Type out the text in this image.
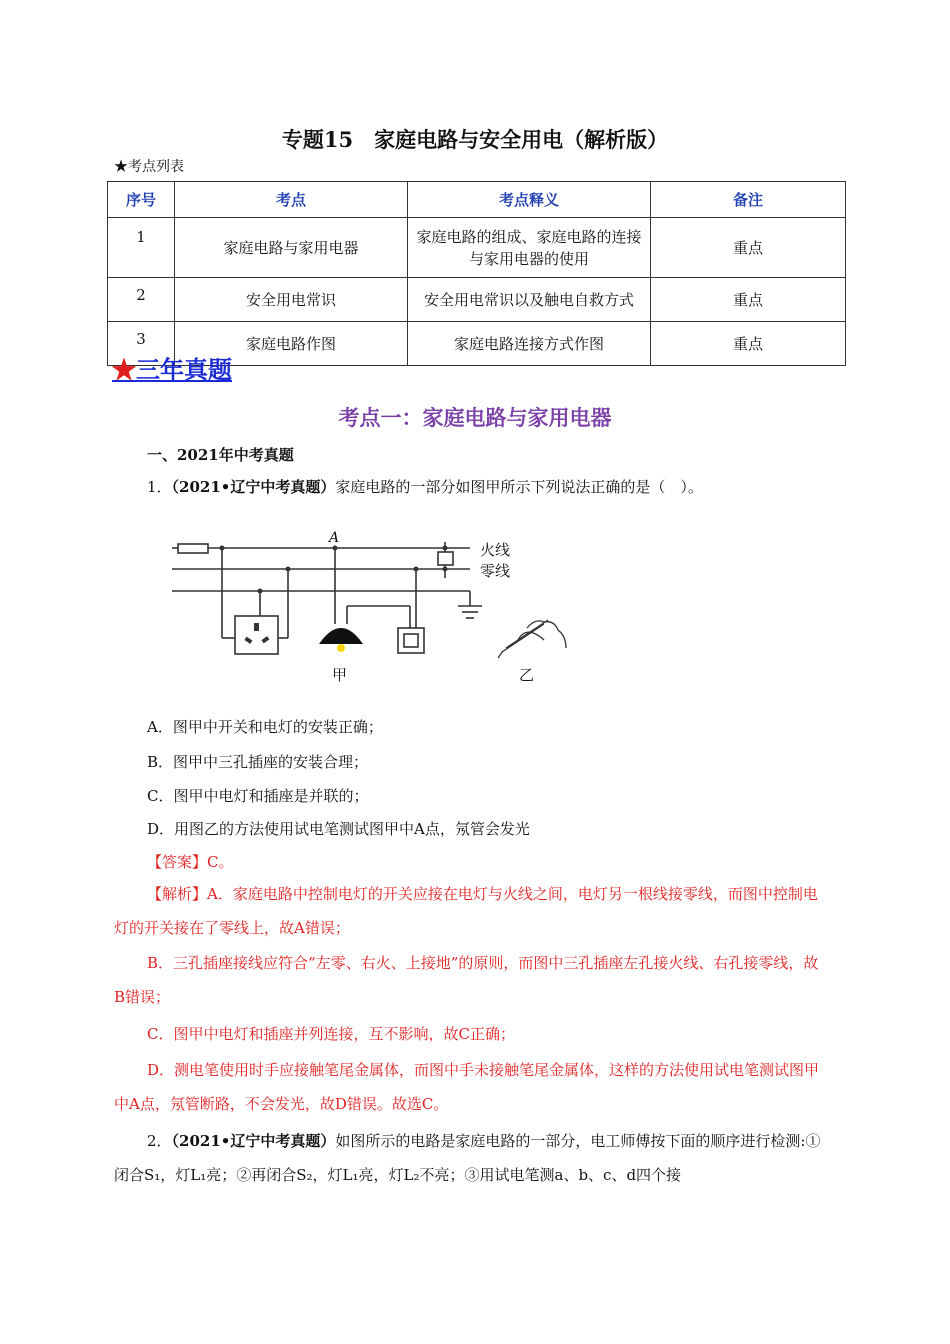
专题15　家庭电路与安全用电（解析版）
★考点列表
序号	考点	考点释义	备注
1	家庭电路与家用电器	家庭电路的组成、家庭电路的连接
与家用电器的使用	重点
2	安全用电常识	安全用电常识以及触电自救方式	重点
3	家庭电路作图	家庭电路连接方式作图	重点
★三年真题
考点一：家庭电路与家用电器
一、2021年中考真题
1．（2021•辽宁中考真题）家庭电路的一部分如图甲所示下列说法正确的是（　）。
A
火线
零线
甲	乙
A．图甲中开关和电灯的安装正确；
B．图甲中三孔插座的安装合理；
C．图甲中电灯和插座是并联的；
D．用图乙的方法使用试电笔测试图甲中A点，氖管会发光
【答案】C。
【解析】A．家庭电路中控制电灯的开关应接在电灯与火线之间，电灯另一根线接零线，而图中控制电灯的开关接在了零线上，故A错误；
B．三孔插座接线应符合“左零、右火、上接地”的原则，而图中三孔插座左孔接火线、右孔接零线，故B错误；
C．图甲中电灯和插座并列连接，互不影响，故C正确；
D．测电笔使用时手应接触笔尾金属体，而图中手未接触笔尾金属体，这样的方法使用试电笔测试图甲中A点，氖管断路，不会发光，故D错误。故选C。
2．（2021•辽宁中考真题）如图所示的电路是家庭电路的一部分，电工师傅按下面的顺序进行检测:① 闭合S₁，灯L₁亮；②再闭合S₂，灯L₁亮，灯L₂不亮；③用试电笔测a、b、c、d四个接
